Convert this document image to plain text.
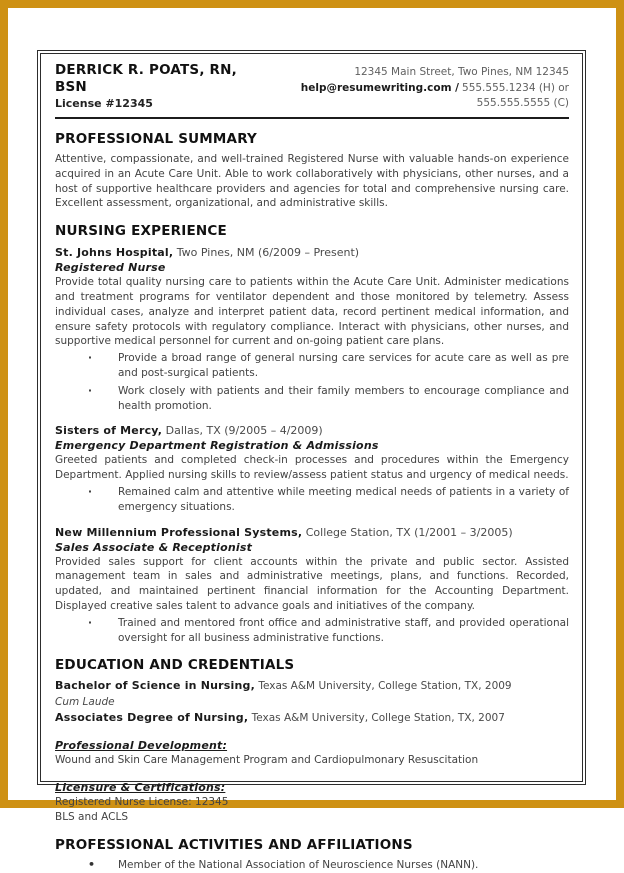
DERRICK R. POATS, RN, BSN
License #12345
12345 Main Street, Two Pines, NM 12345
help@resumewriting.com / 555.555.1234 (H) or 555.555.5555 (C)
PROFESSIONAL SUMMARY

Attentive, compassionate, and well-trained Registered Nurse with valuable hands-on experience acquired in an Acute Care Unit. Able to work collaboratively with physicians, other nurses, and a host of supportive healthcare providers and agencies for total and comprehensive nursing care. Excellent assessment, organizational, and administrative skills.

NURSING EXPERIENCE
St. Johns Hospital, Two Pines, NM (6/2009 – Present)
Registered Nurse

Provide total quality nursing care to patients within the Acute Care Unit. Administer medications and treatment programs for ventilator dependent and those monitored by telemetry. Assess individual cases, analyze and interpret patient data, record pertinent medical information, and ensure safety protocols with regulatory compliance. Interact with physicians, other nurses, and supportive medical personnel for current and on-going patient care plans.

· Provide a broad range of general nursing care services for acute care as well as pre and post-surgical patients.
· Work closely with patients and their family members to encourage compliance and health promotion.
Sisters of Mercy, Dallas, TX (9/2005 – 4/2009)
Emergency Department Registration & Admissions

Greeted patients and completed check-in processes and procedures within the Emergency Department. Applied nursing skills to review/assess patient status and urgency of medical needs.

· Remained calm and attentive while meeting medical needs of patients in a variety of emergency situations.
New Millennium Professional Systems, College Station, TX (1/2001 – 3/2005)
Sales Associate & Receptionist

Provided sales support for client accounts within the private and public sector. Assisted management team in sales and administrative meetings, plans, and functions. Recorded, updated, and maintained pertinent financial information for the Accounting Department. Displayed creative sales talent to advance goals and initiatives of the company.

· Trained and mentored front office and administrative staff, and provided operational oversight for all business administrative functions.
EDUCATION AND CREDENTIALS
Bachelor of Science in Nursing, Texas A&M University, College Station, TX, 2009
Cum Laude
Associates Degree of Nursing, Texas A&M University, College Station, TX, 2007
Professional Development:
Wound and Skin Care Management Program and Cardiopulmonary Resuscitation
Licensure & Certifications:
Registered Nurse License: 12345
BLS and ACLS
PROFESSIONAL ACTIVITIES AND AFFILIATIONS
• Member of the National Association of Neuroscience Nurses (NANN).
